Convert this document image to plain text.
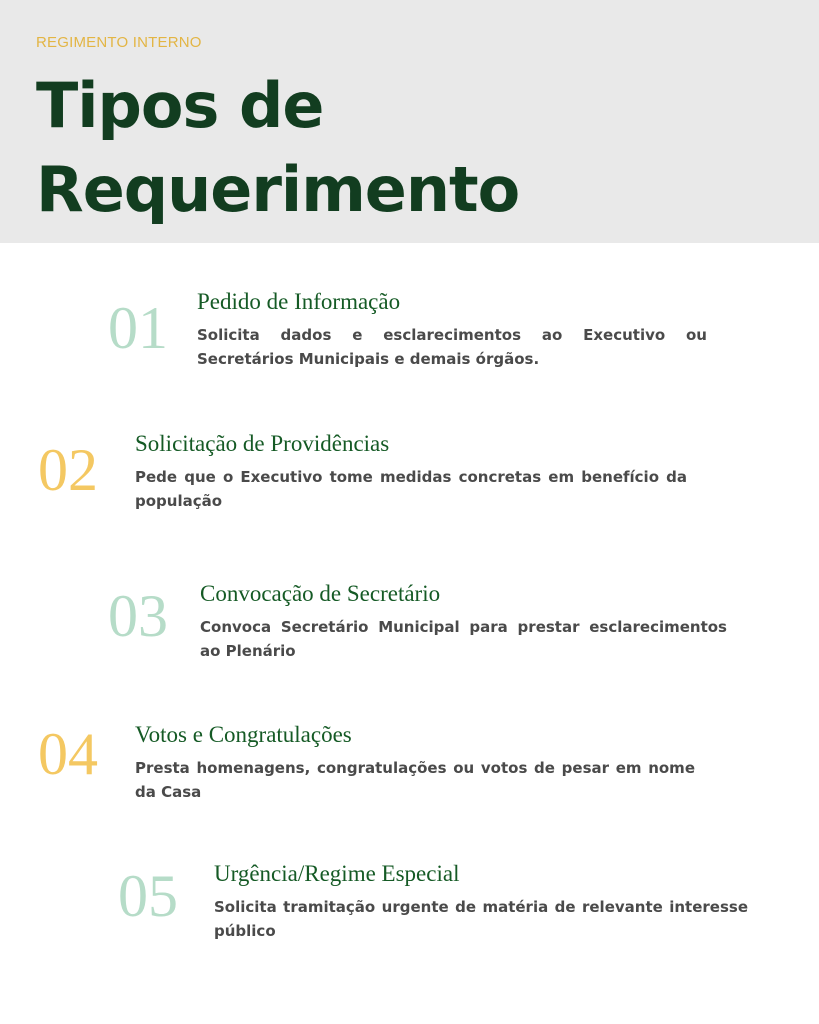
REGIMENTO INTERNO
Tipos de Requerimento
01 Pedido de Informação
Solicita dados e esclarecimentos ao Executivo ou Secretários Municipais e demais órgãos.
02 Solicitação de Providências
Pede que o Executivo tome medidas concretas em benefício da população
03 Convocação de Secretário
Convoca Secretário Municipal para prestar esclarecimentos ao Plenário
04 Votos e Congratulações
Presta homenagens, congratulações ou votos de pesar em nome da Casa
05 Urgência/Regime Especial
Solicita tramitação urgente de matéria de relevante interesse público
